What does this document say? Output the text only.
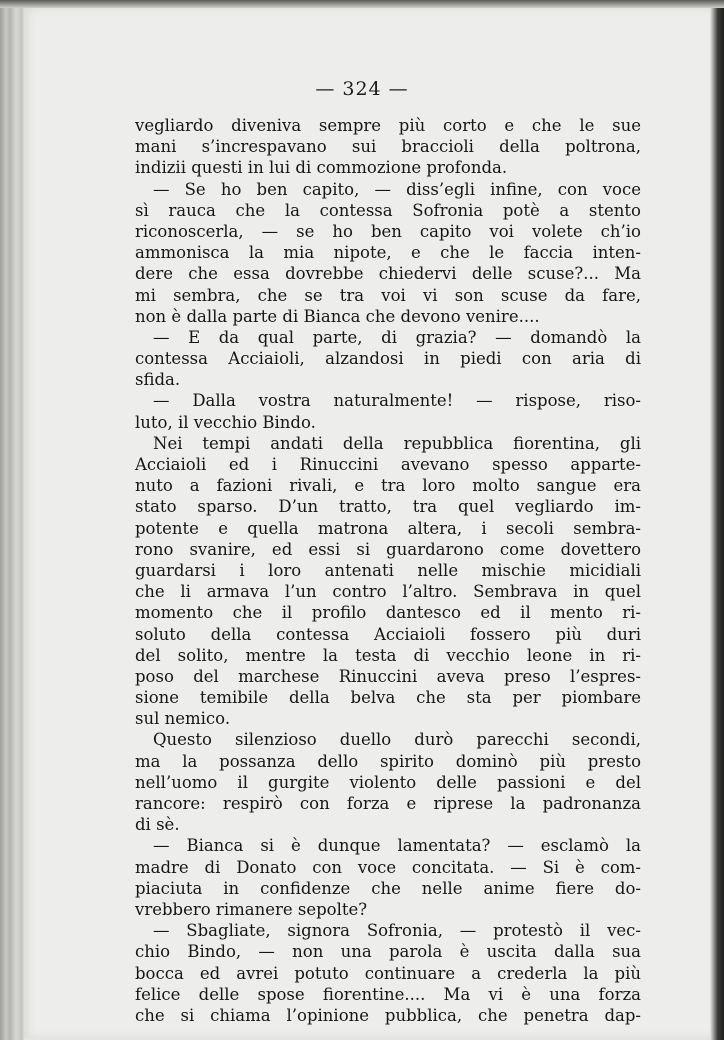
— 324 —
vegliardo diveniva sempre più corto e che le sue
mani s’increspavano sui braccioli della poltrona,
indizii questi in lui di commozione profonda.
— Se ho ben capito, — diss’egli infine, con voce
sì rauca che la contessa Sofronia potè a stento
riconoscerla, — se ho ben capito voi volete ch’io
ammonisca la mia nipote, e che le faccia inten-
dere che essa dovrebbe chiedervi delle scuse?... Ma
mi sembra, che se tra voi vi son scuse da fare,
non è dalla parte di Bianca che devono venire....
— E da qual parte, di grazia? — domandò la
contessa Acciaioli, alzandosi in piedi con aria di
sfida.
— Dalla vostra naturalmente! — rispose, riso-
luto, il vecchio Bindo.
Nei tempi andati della repubblica fiorentina, gli
Acciaioli ed i Rinuccini avevano spesso apparte-
nuto a fazioni rivali, e tra loro molto sangue era
stato sparso. D’un tratto, tra quel vegliardo im-
potente e quella matrona altera, i secoli sembra-
rono svanire, ed essi si guardarono come dovettero
guardarsi i loro antenati nelle mischie micidiali
che li armava l’un contro l’altro. Sembrava in quel
momento che il profilo dantesco ed il mento ri-
soluto della contessa Acciaioli fossero più duri
del solito, mentre la testa di vecchio leone in ri-
poso del marchese Rinuccini aveva preso l’espres-
sione temibile della belva che sta per piombare
sul nemico.
Questo silenzioso duello durò parecchi secondi,
ma la possanza dello spirito dominò più presto
nell’uomo il gurgite violento delle passioni e del
rancore: respirò con forza e riprese la padronanza
di sè.
— Bianca si è dunque lamentata? — esclamò la
madre di Donato con voce concitata. — Si è com-
piaciuta in confidenze che nelle anime fiere do-
vrebbero rimanere sepolte?
— Sbagliate, signora Sofronia, — protestò il vec-
chio Bindo, — non una parola è uscita dalla sua
bocca ed avrei potuto continuare a crederla la più
felice delle spose fiorentine.... Ma vi è una forza
che si chiama l’opinione pubblica, che penetra dap-
